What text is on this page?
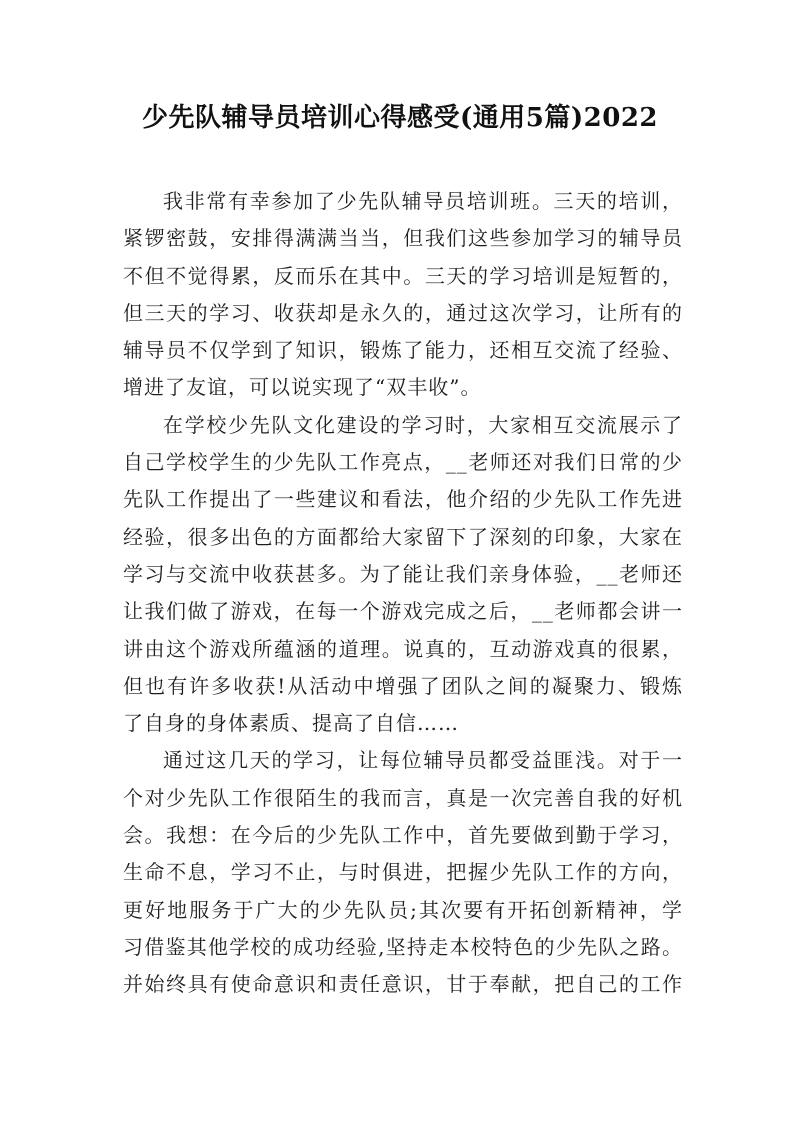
少先队辅导员培训心得感受(通用5篇)2022
我非常有幸参加了少先队辅导员培训班。三天的培训，
紧锣密鼓，安排得满满当当，但我们这些参加学习的辅导员
不但不觉得累，反而乐在其中。三天的学习培训是短暂的，
但三天的学习、收获却是永久的，通过这次学习，让所有的
辅导员不仅学到了知识，锻炼了能力，还相互交流了经验、
增进了友谊，可以说实现了“双丰收”。
在学校少先队文化建设的学习时，大家相互交流展示了
自己学校学生的少先队工作亮点，__老师还对我们日常的少
先队工作提出了一些建议和看法，他介绍的少先队工作先进
经验，很多出色的方面都给大家留下了深刻的印象，大家在
学习与交流中收获甚多。为了能让我们亲身体验，__老师还
让我们做了游戏，在每一个游戏完成之后，__老师都会讲一
讲由这个游戏所蕴涵的道理。说真的，互动游戏真的很累，
但也有许多收获!从活动中增强了团队之间的凝聚力、锻炼
了自身的身体素质、提高了自信……
通过这几天的学习，让每位辅导员都受益匪浅。对于一
个对少先队工作很陌生的我而言，真是一次完善自我的好机
会。我想：在今后的少先队工作中，首先要做到勤于学习，
生命不息，学习不止，与时俱进，把握少先队工作的方向，
更好地服务于广大的少先队员;其次要有开拓创新精神，学
习借鉴其他学校的成功经验,坚持走本校特色的少先队之路。
并始终具有使命意识和责任意识，甘于奉献，把自己的工作
